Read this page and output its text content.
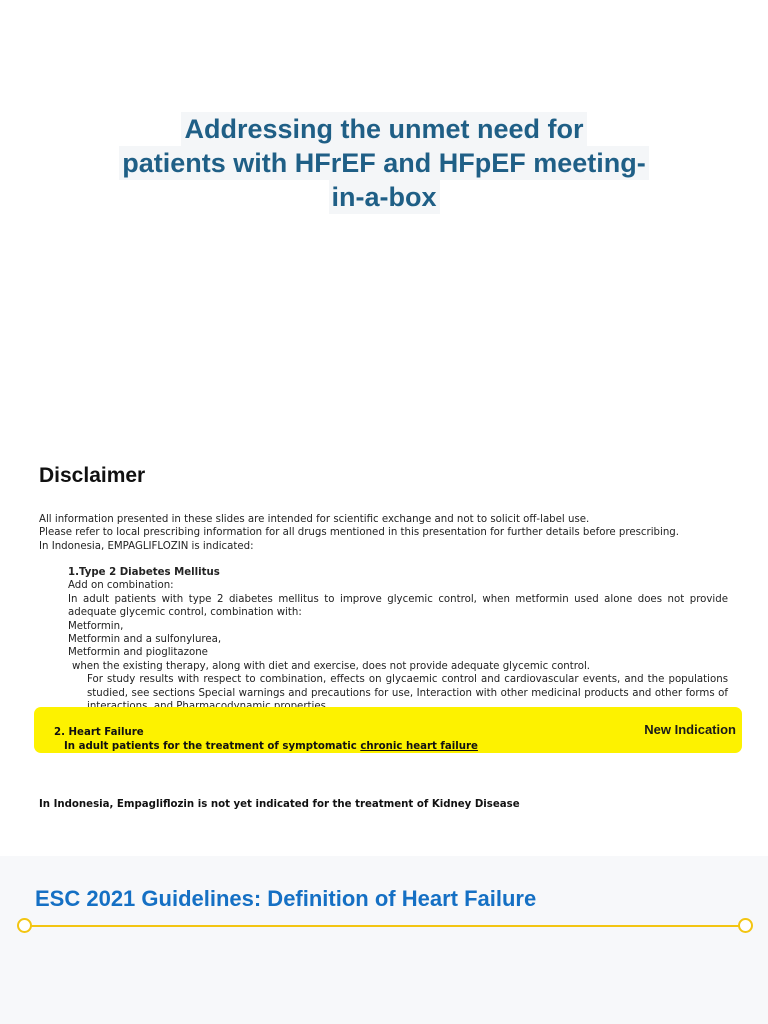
Addressing the unmet need for
patients with HFrEF and HFpEF meeting-
in-a-box
Disclaimer
All information presented in these slides are intended for scientific exchange and not to solicit off-label use.
Please refer to local prescribing information for all drugs mentioned in this presentation for further details before prescribing.
In Indonesia, EMPAGLIFLOZIN is indicated:
1.Type 2 Diabetes Mellitus
Add on combination:
In adult patients with type 2 diabetes mellitus to improve glycemic control, when metformin used alone does not provide adequate glycemic control, combination with:
Metformin,
Metformin and a sulfonylurea,
Metformin and pioglitazone
when the existing therapy, along with diet and exercise, does not provide adequate glycemic control.
For study results with respect to combination, effects on glycaemic control and cardiovascular events, and the populations studied, see sections Special warnings and precautions for use, Interaction with other medicinal products and other forms of
2. Heart Failure
In adult patients for the treatment of symptomatic chronic heart failure
New Indication
In Indonesia, Empagliflozin is not yet indicated for the treatment of Kidney Disease
ESC 2021 Guidelines: Definition of Heart Failure
